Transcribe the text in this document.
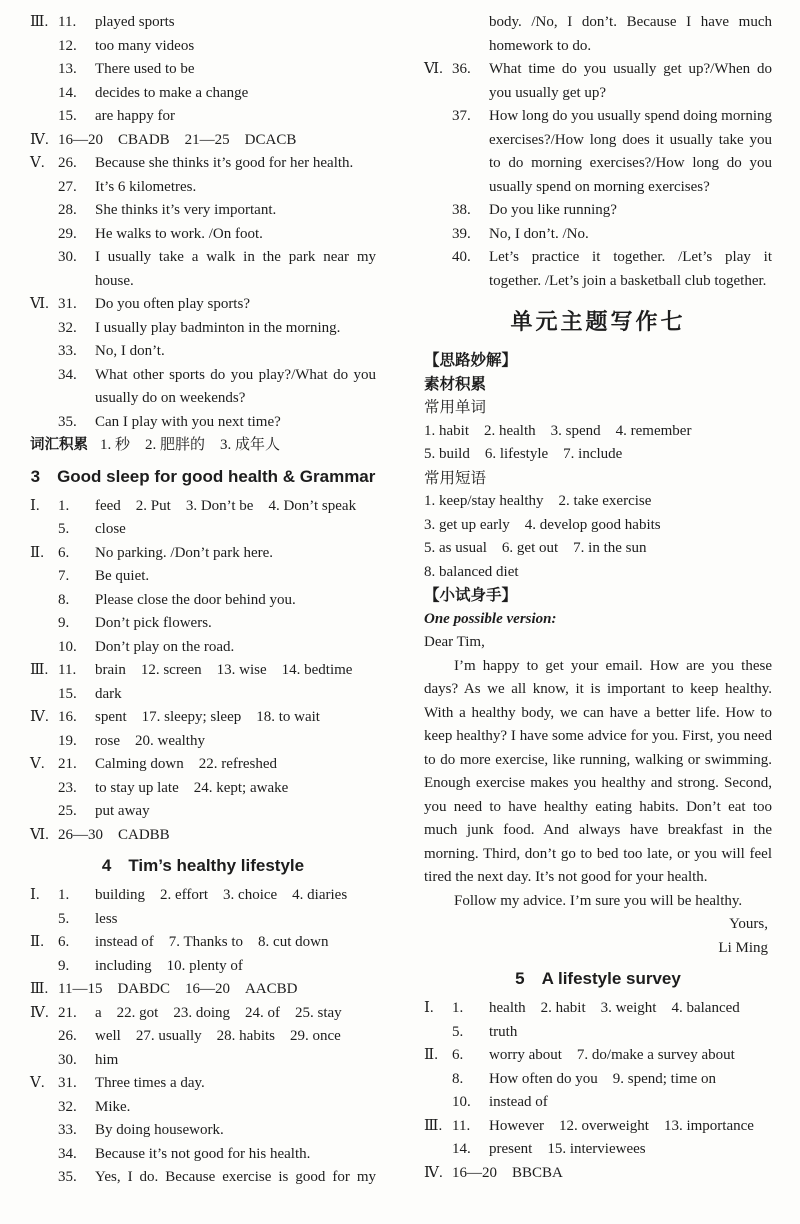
Ⅲ. 11.	played sports
12.	too many videos
13.	There used to be
14.	decides to make a change
15.	are happy for
Ⅳ. 16—20 CBADB 21—25 DCACB
Ⅴ. 26.	Because she thinks it’s good for her health.
27.	It’s 6 kilometres.
28.	She thinks it’s very important.
29.	He walks to work. /On foot.
30.	I usually take a walk in the park near my house.
Ⅵ. 31.	Do you often play sports?
32.	I usually play badminton in the morning.
33.	No, I don’t.
34.	What other sports do you play?/What do you usually do on weekends?
35.	Can I play with you next time?
词汇积累 1. 秒 2. 肥胖的 3. 成年人
3 Good sleep for good health & Grammar
Ⅰ.	1.	feed 2. Put 3. Don’t be 4. Don’t speak
5.	close
Ⅱ. 6.	No parking. /Don’t park here.
7.	Be quiet.
8.	Please close the door behind you.
9.	Don’t pick flowers.
10.	Don’t play on the road.
Ⅲ. 11.	brain 12. screen 13. wise 14. bedtime
15.	dark
Ⅳ. 16.	spent 17. sleepy; sleep 18. to wait
19.	rose 20. wealthy
Ⅴ. 21.	Calming down 22. refreshed
23.	to stay up late 24. kept; awake
25.	put away
Ⅵ. 26—30 CADBB
4 Tim’s healthy lifestyle
Ⅰ.	1.	building 2. effort 3. choice 4. diaries
5.	less
Ⅱ. 6.	instead of 7. Thanks to 8. cut down
9.	including 10. plenty of
Ⅲ. 11—15 DABDC 16—20 AACBD
Ⅳ. 21.	a 22. got 23. doing 24. of 25. stay
26.	well 27. usually 28. habits 29. once
30.	him
Ⅴ. 31.	Three times a day.
32.	Mike.
33.	By doing housework.
34.	Because it’s not good for his health.
35.	Yes, I do. Because exercise is good for my
body. /No, I don’t. Because I have much homework to do.
Ⅵ. 36.	What time do you usually get up?/When do you usually get up?
37.	How long do you usually spend doing morning exercises?/How long does it usually take you to do morning exercises?/How long do you usually spend on morning exercises?
38.	Do you like running?
39.	No, I don’t. /No.
40.	Let’s practice it together. /Let’s play it together. /Let’s join a basketball club together.
单元主题写作七
【思路妙解】
素材积累
常用单词
1. habit 2. health 3. spend 4. remember
5. build 6. lifestyle 7. include
常用短语
1. keep/stay healthy 2. take exercise
3. get up early 4. develop good habits
5. as usual 6. get out 7. in the sun
8. balanced diet
【小试身手】
One possible version:
Dear Tim,
I’m happy to get your email. How are you these days? As we all know, it is important to keep healthy. With a healthy body, we can have a better life. How to keep healthy? I have some advice for you. First, you need to do more exercise, like running, walking or swimming. Enough exercise makes you healthy and strong. Second, you need to have healthy eating habits. Don’t eat too much junk food. And always have breakfast in the morning. Third, don’t go to bed too late, or you will feel tired the next day. It’s not good for your health.
Follow my advice. I’m sure you will be healthy.
Yours,
Li Ming
5 A lifestyle survey
Ⅰ.	1.	health 2. habit 3. weight 4. balanced
5.	truth
Ⅱ. 6.	worry about 7. do/make a survey about
8.	How often do you 9. spend; time on
10.	instead of
Ⅲ. 11.	However 12. overweight 13. importance
14.	present 15. interviewees
Ⅳ. 16—20 BBCBA
